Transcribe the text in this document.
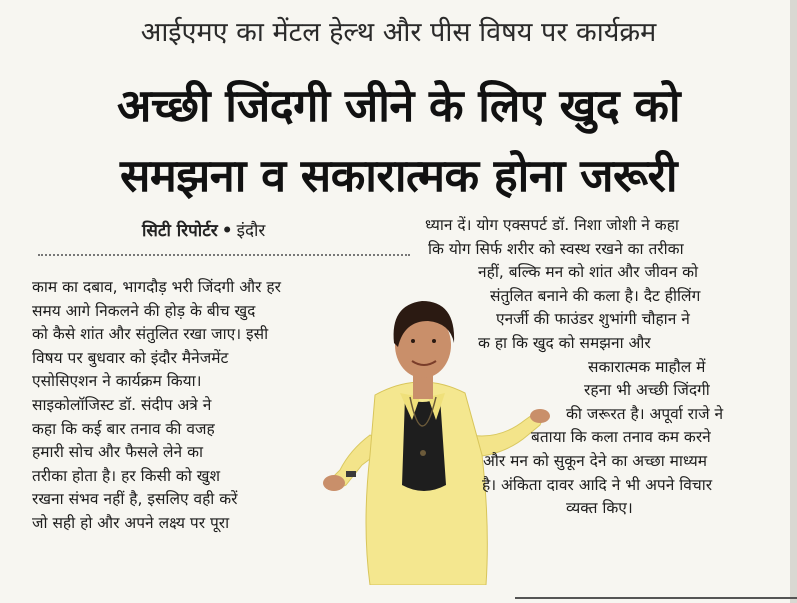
आईएमए का मेंटल हेल्थ और पीस विषय पर कार्यक्रम
अच्छी जिंदगी जीने के लिए खुद को
समझना व सकारात्मक होना जरूरी
सिटी रिपोर्टर • इंदौर
काम का दबाव, भागदौड़ भरी जिंदगी और हर
समय आगे निकलने की होड़ के बीच खुद
को कैसे शांत और संतुलित रखा जाए। इसी
विषय पर बुधवार को इंदौर मैनेजमेंट
एसोसिएशन ने कार्यक्रम किया।
साइकोलॉजिस्ट डॉ. संदीप अत्रे ने
कहा कि कई बार तनाव की वजह
हमारी सोच और फैसले लेने का
तरीका होता है। हर किसी को खुश
रखना संभव नहीं है, इसलिए वही करें
जो सही हो और अपने लक्ष्य पर पूरा
ध्यान दें। योग एक्सपर्ट डॉ. निशा जोशी ने कहा
कि योग सिर्फ शरीर को स्वस्थ रखने का तरीका
नहीं, बल्कि मन को शांत और जीवन को
संतुलित बनाने की कला है। दैट हीलिंग
एनर्जी की फाउंडर शुभांगी चौहान ने
क हा कि खुद को समझना और
सकारात्मक माहौल में
रहना भी अच्छी जिंदगी
की जरूरत है। अपूर्वा राजे ने
बताया कि कला तनाव कम करने
और मन को सुकून देने का अच्छा माध्यम
है। अंकिता दावर आदि ने भी अपने विचार
व्यक्त किए।
